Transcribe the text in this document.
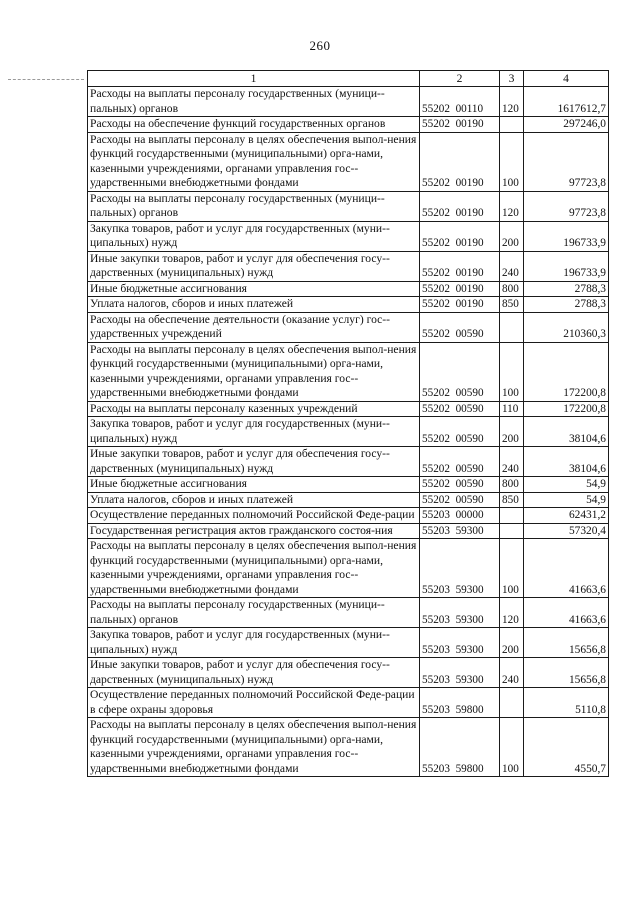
260
1	2	3	4
Расходы на выплаты персоналу государственных (муници-пальных) органов	55202  00110	120	1617612,7
Расходы на обеспечение функций государственных органов	55202  00190		297246,0
Расходы на выплаты персоналу в целях обеспечения выпол-нения функций государственными (муниципальными) орга-нами, казенными учреждениями, органами управления гос-ударственными внебюджетными фондами	55202  00190	100	97723,8
Расходы на выплаты персоналу государственных (муници-пальных) органов	55202  00190	120	97723,8
Закупка товаров, работ и услуг для государственных (муни-ципальных) нужд	55202  00190	200	196733,9
Иные закупки товаров, работ и услуг для обеспечения госу-дарственных (муниципальных) нужд	55202  00190	240	196733,9
Иные бюджетные ассигнования	55202  00190	800	2788,3
Уплата налогов, сборов и иных платежей	55202  00190	850	2788,3
Расходы на обеспечение деятельности (оказание услуг) гос-ударственных учреждений	55202  00590		210360,3
Расходы на выплаты персоналу в целях обеспечения выпол-нения функций государственными (муниципальными) орга-нами, казенными учреждениями, органами управления гос-ударственными внебюджетными фондами	55202  00590	100	172200,8
Расходы на выплаты персоналу казенных учреждений	55202  00590	110	172200,8
Закупка товаров, работ и услуг для государственных (муни-ципальных) нужд	55202  00590	200	38104,6
Иные закупки товаров, работ и услуг для обеспечения госу-дарственных (муниципальных) нужд	55202  00590	240	38104,6
Иные бюджетные ассигнования	55202  00590	800	54,9
Уплата налогов, сборов и иных платежей	55202  00590	850	54,9
Осуществление переданных полномочий Российской Феде-рации	55203  00000		62431,2
Государственная регистрация актов гражданского состоя-ния	55203  59300		57320,4
Расходы на выплаты персоналу в целях обеспечения выпол-нения функций государственными (муниципальными) орга-нами, казенными учреждениями, органами управления гос-ударственными внебюджетными фондами	55203  59300	100	41663,6
Расходы на выплаты персоналу государственных (муници-пальных) органов	55203  59300	120	41663,6
Закупка товаров, работ и услуг для государственных (муни-ципальных) нужд	55203  59300	200	15656,8
Иные закупки товаров, работ и услуг для обеспечения госу-дарственных (муниципальных) нужд	55203  59300	240	15656,8
Осуществление переданных полномочий Российской Феде-рации в сфере охраны здоровья	55203  59800		5110,8
Расходы на выплаты персоналу в целях обеспечения выпол-нения функций государственными (муниципальными) орга-нами, казенными учреждениями, органами управления гос-ударственными внебюджетными фондами	55203  59800	100	4550,7
